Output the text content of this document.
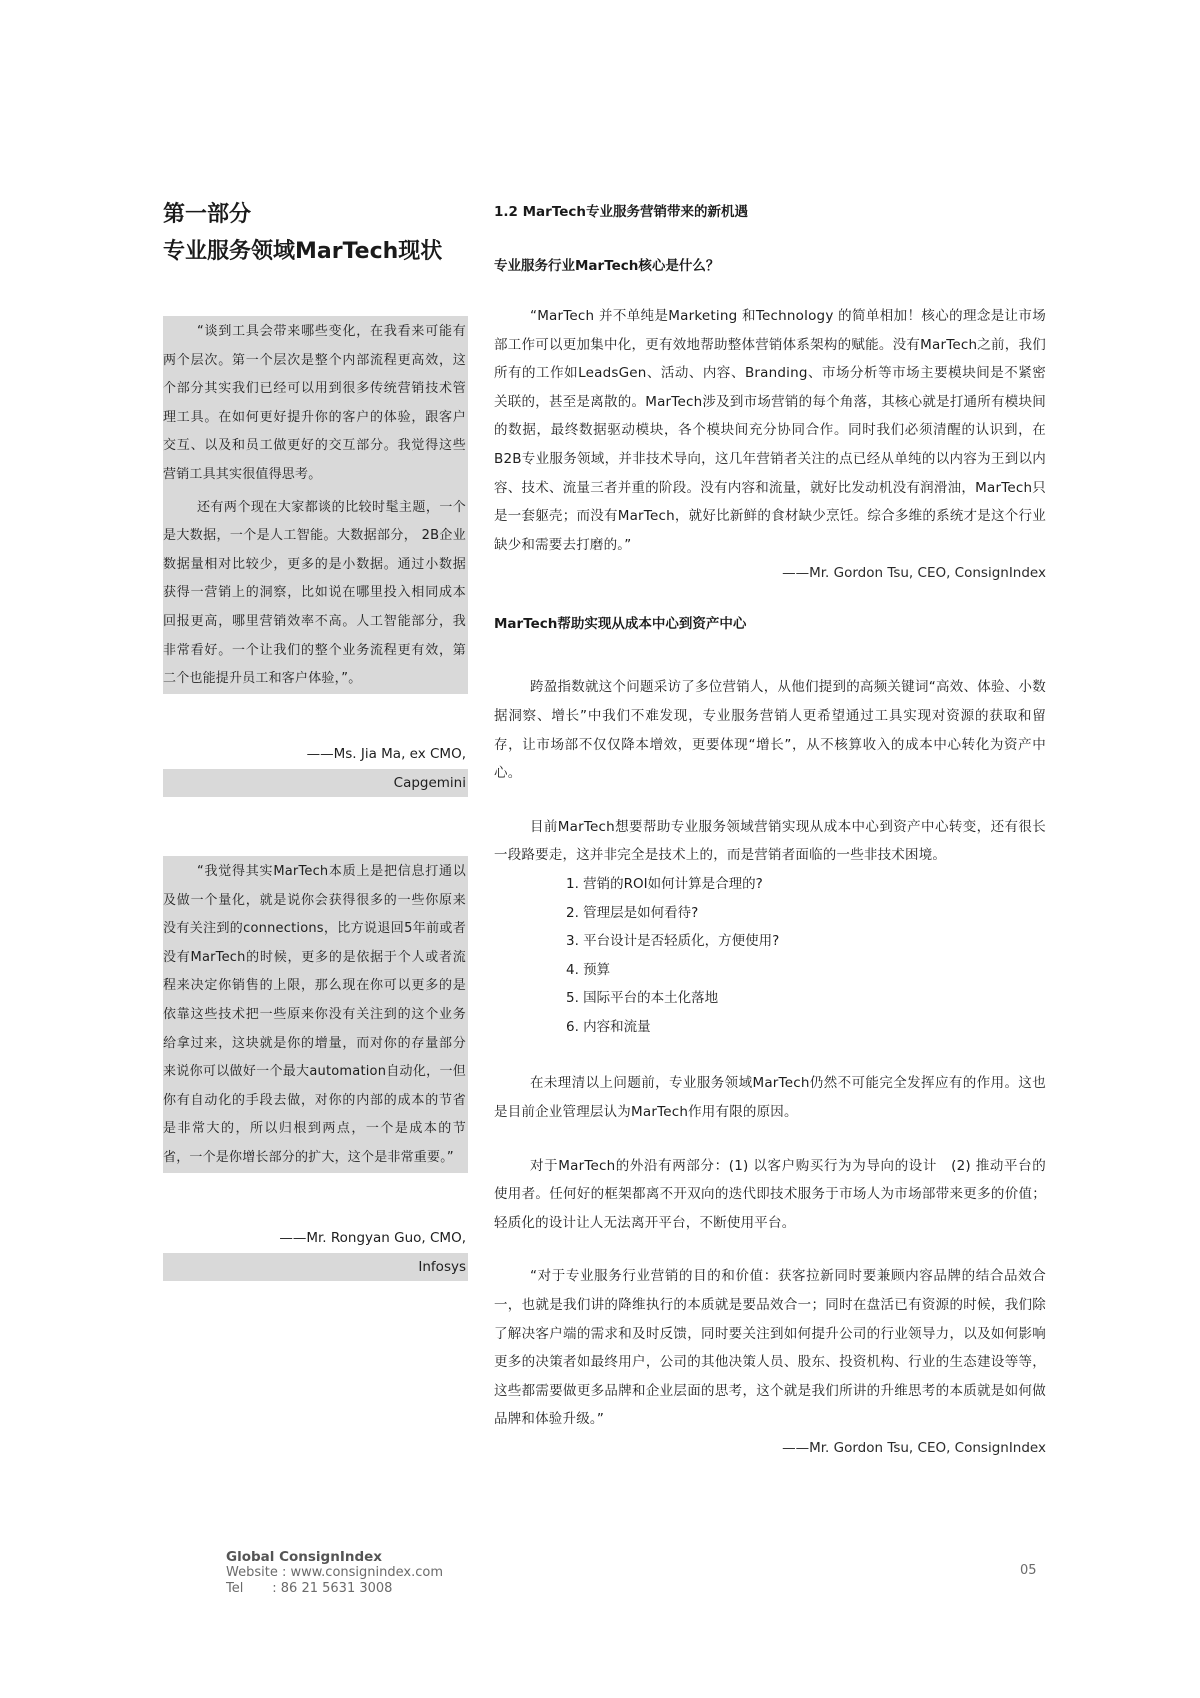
第一部分
专业服务领域MarTech现状

“谈到工具会带来哪些变化，在我看来可能有两个层次。第一个层次是整个内部流程更高效，这个部分其实我们已经可以用到很多传统营销技术管理工具。在如何更好提升你的客户的体验，跟客户交互、以及和员工做更好的交互部分。我觉得这些营销工具其实很值得思考。

还有两个现在大家都谈的比较时髦主题，一个是大数据，一个是人工智能。大数据部分， 2B企业数据量相对比较少，更多的是小数据。通过小数据获得一营销上的洞察，比如说在哪里投入相同成本回报更高，哪里营销效率不高。人工智能部分，我非常看好。一个让我们的整个业务流程更有效，第二个也能提升员工和客户体验，”。

——Ms. Jia Ma, ex CMO,

Capgemini

“我觉得其实MarTech本质上是把信息打通以及做一个量化，就是说你会获得很多的一些你原来没有关注到的connections，比方说退回5年前或者没有MarTech的时候，更多的是依据于个人或者流程来决定你销售的上限，那么现在你可以更多的是依靠这些技术把一些原来你没有关注到的这个业务给拿过来，这块就是你的增量，而对你的存量部分来说你可以做好一个最大automation自动化，一但你有自动化的手段去做，对你的内部的成本的节省是非常大的，所以归根到两点，一个是成本的节省，一个是你增长部分的扩大，这个是非常重要。”

——Mr. Rongyan Guo, CMO,

Infosys

1.2 MarTech专业服务营销带来的新机遇
专业服务行业MarTech核心是什么？

“MarTech 并不单纯是Marketing 和Technology 的简单相加！核心的理念是让市场部工作可以更加集中化，更有效地帮助整体营销体系架构的赋能。没有MarTech之前，我们所有的工作如LeadsGen、活动、内容、Branding、市场分析等市场主要模块间是不紧密关联的，甚至是离散的。MarTech涉及到市场营销的每个角落，其核心就是打通所有模块间的数据，最终数据驱动模块，各个模块间充分协同合作。同时我们必须清醒的认识到，在B2B专业服务领域，并非技术导向，这几年营销者关注的点已经从单纯的以内容为王到以内容、技术、流量三者并重的阶段。没有内容和流量，就好比发动机没有润滑油，MarTech只是一套躯壳；而没有MarTech，就好比新鲜的食材缺少烹饪。综合多维的系统才是这个行业缺少和需要去打磨的。”

——Mr. Gordon Tsu, CEO, ConsignIndex

MarTech帮助实现从成本中心到资产中心

跨盈指数就这个问题采访了多位营销人，从他们提到的高频关键词“高效、体验、小数据洞察、增长”中我们不难发现，专业服务营销人更希望通过工具实现对资源的获取和留存，让市场部不仅仅降本增效，更要体现“增长”，从不核算收入的成本中心转化为资产中心。

目前MarTech想要帮助专业服务领域营销实现从成本中心到资产中心转变，还有很长一段路要走，这并非完全是技术上的，而是营销者面临的一些非技术困境。

1. 营销的ROI如何计算是合理的?
2. 管理层是如何看待?
3. 平台设计是否轻质化，方便使用?
4. 预算
5. 国际平台的本土化落地
6. 内容和流量

在未理清以上问题前，专业服务领域MarTech仍然不可能完全发挥应有的作用。这也是目前企业管理层认为MarTech作用有限的原因。

对于MarTech的外沿有两部分：(1) 以客户购买行为为导向的设计　(2) 推动平台的使用者。任何好的框架都离不开双向的迭代即技术服务于市场人为市场部带来更多的价值；轻质化的设计让人无法离开平台，不断使用平台。

“对于专业服务行业营销的目的和价值：获客拉新同时要兼顾内容品牌的结合品效合一，也就是我们讲的降维执行的本质就是要品效合一；同时在盘活已有资源的时候，我们除了解决客户端的需求和及时反馈，同时要关注到如何提升公司的行业领导力，以及如何影响更多的决策者如最终用户，公司的其他决策人员、股东、投资机构、行业的生态建设等等，这些都需要做更多品牌和企业层面的思考，这个就是我们所讲的升维思考的本质就是如何做品牌和体验升级。”

——Mr. Gordon Tsu, CEO, ConsignIndex

Global ConsignIndex
Website : www.consignindex.com
Tel       : 86 21 5631 3008
05
